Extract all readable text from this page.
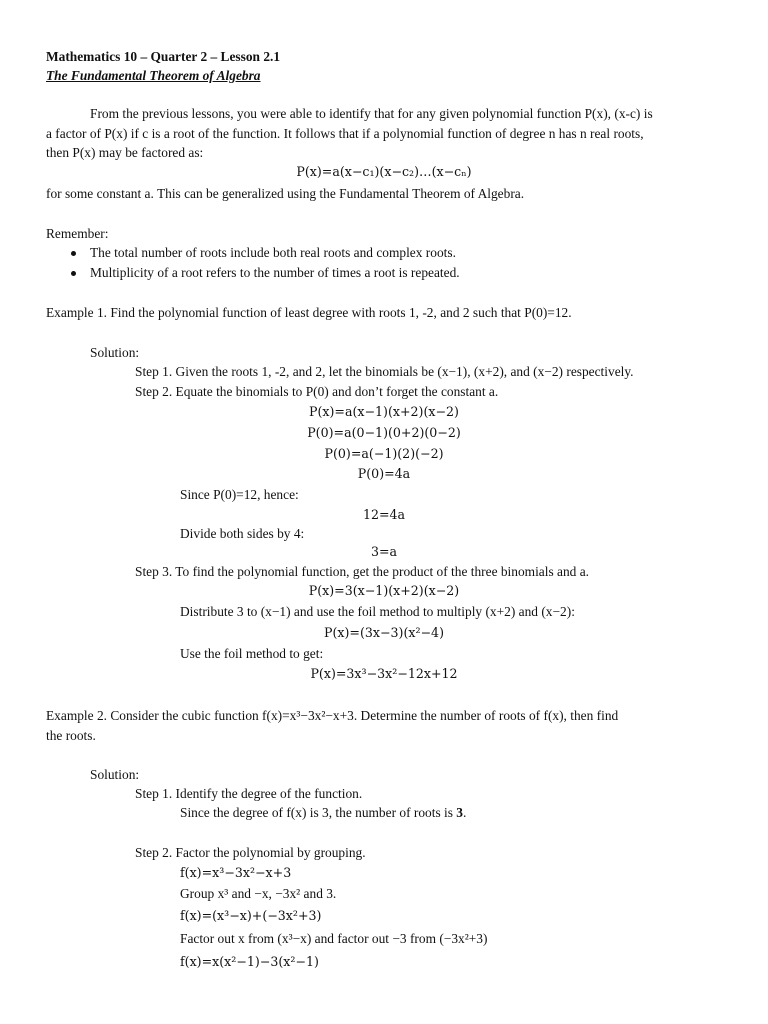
Mathematics 10 – Quarter 2 – Lesson 2.1
The Fundamental Theorem of Algebra
From the previous lessons, you were able to identify that for any given polynomial function P(x), (x-c) is
a factor of P(x) if c is a root of the function. It follows that if a polynomial function of degree n has n real roots,
then P(x) may be factored as:
P(x)=a(x−c₁)(x−c₂)…(x−cₙ)
for some constant a. This can be generalized using the Fundamental Theorem of Algebra.
Remember:
The total number of roots include both real roots and complex roots.
Multiplicity of a root refers to the number of times a root is repeated.
Example 1. Find the polynomial function of least degree with roots 1, -2, and 2 such that P(0)=12.
Solution:
Step 1. Given the roots 1, -2, and 2, let the binomials be (x−1), (x+2), and (x−2) respectively.
Step 2. Equate the binomials to P(0) and don’t forget the constant a.
P(x)=a(x−1)(x+2)(x−2)
P(0)=a(0−1)(0+2)(0−2)
P(0)=a(−1)(2)(−2)
P(0)=4a
Since P(0)=12, hence:
12=4a
Divide both sides by 4:
3=a
Step 3. To find the polynomial function, get the product of the three binomials and a.
P(x)=3(x−1)(x+2)(x−2)
Distribute 3 to (x−1) and use the foil method to multiply (x+2) and (x−2):
P(x)=(3x−3)(x²−4)
Use the foil method to get:
P(x)=3x³−3x²−12x+12
Example 2. Consider the cubic function f(x)=x³−3x²−x+3. Determine the number of roots of f(x), then find
the roots.
Solution:
Step 1. Identify the degree of the function.
Since the degree of f(x) is 3, the number of roots is 3.
Step 2. Factor the polynomial by grouping.
f(x)=x³−3x²−x+3
Group x³ and −x, −3x² and 3.
f(x)=(x³−x)+(−3x²+3)
Factor out x from (x³−x) and factor out −3 from (−3x²+3)
f(x)=x(x²−1)−3(x²−1)
